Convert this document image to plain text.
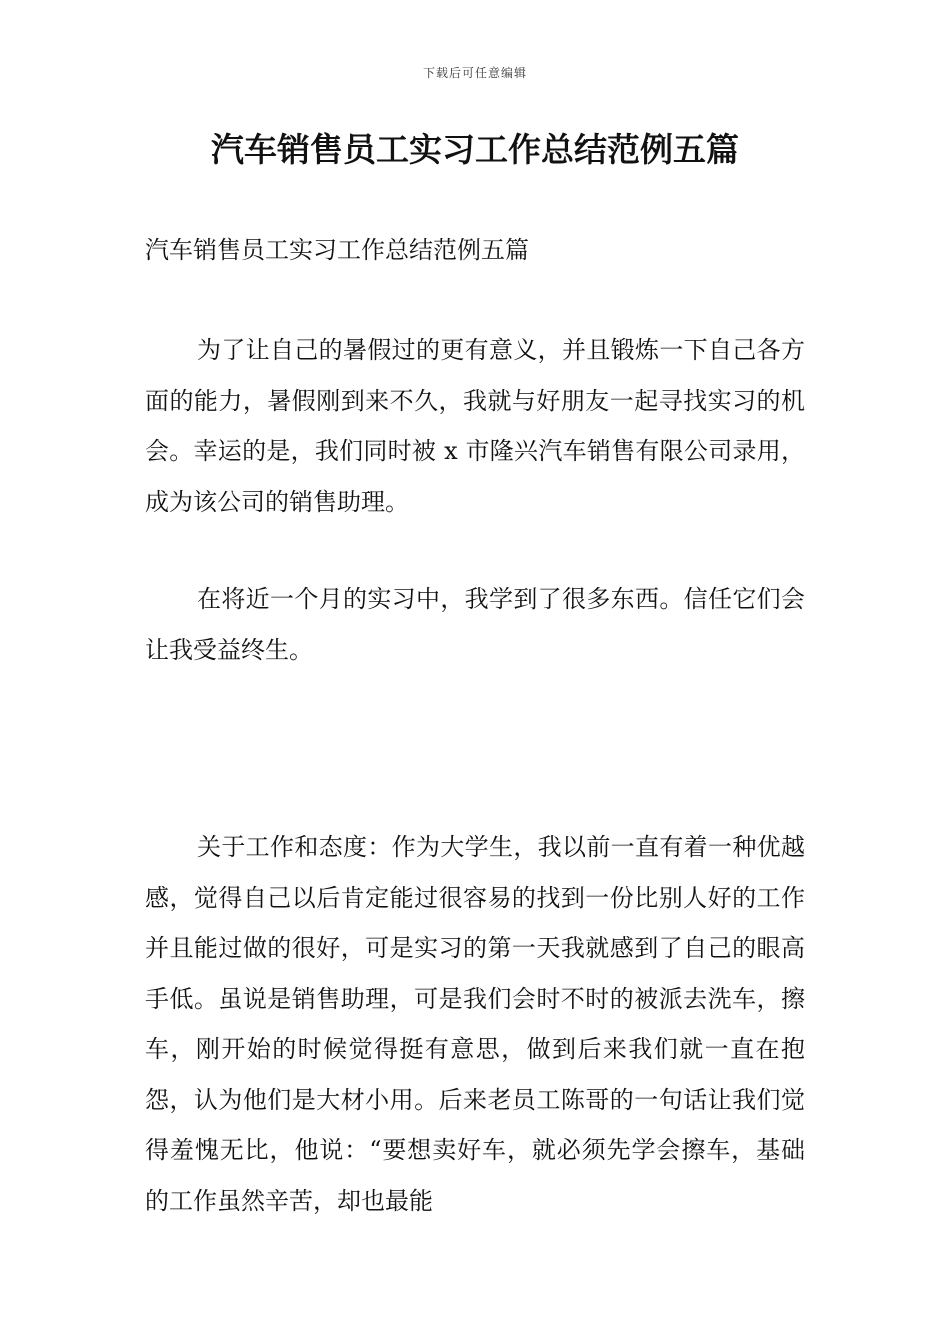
下载后可任意编辑
汽车销售员工实习工作总结范例五篇

汽车销售员工实习工作总结范例五篇

为了让自己的暑假过的更有意义，并且锻炼一下自己各方面的能力，暑假刚到来不久，我就与好朋友一起寻找实习的机会。幸运的是，我们同时被 x 市隆兴汽车销售有限公司录用，成为该公司的销售助理。

在将近一个月的实习中，我学到了很多东西。信任它们会让我受益终生。

关于工作和态度：作为大学生，我以前一直有着一种优越感，觉得自己以后肯定能过很容易的找到一份比别人好的工作并且能过做的很好，可是实习的第一天我就感到了自己的眼高手低。虽说是销售助理，可是我们会时不时的被派去洗车，擦车，刚开始的时候觉得挺有意思，做到后来我们就一直在抱怨，认为他们是大材小用。后来老员工陈哥的一句话让我们觉得羞愧无比，他说：“要想卖好车，就必须先学会擦车，基础的工作虽然辛苦，却也最能
